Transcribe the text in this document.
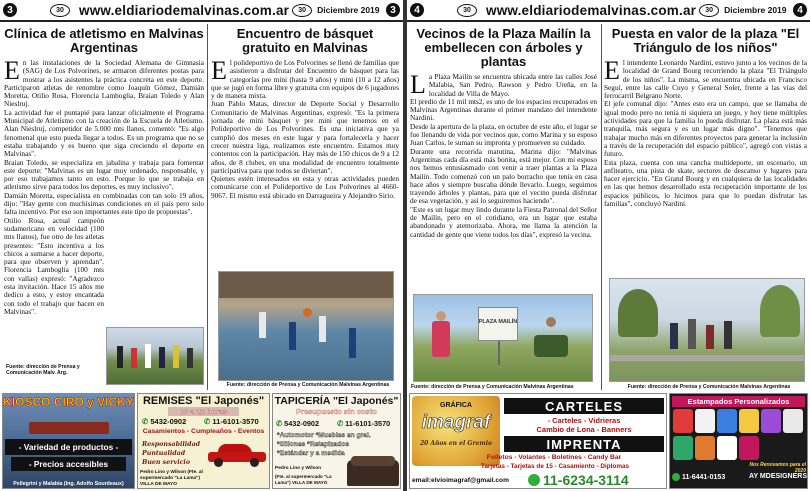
3	30	www.eldiariodemalvinas.com.ar	30	Diciembre 2019	3
Clínica de atletismo en Malvinas Argentinas

En las instalaciones de la Sociedad Alemana de Gimnasia (SAG) de Los Polvorines, se armaron diferentes postas para mostrar a los asistentes la práctica concreta en este deporte. Participaron atletas de renombre como Joaquín Gómez, Damián Moretta, Otilio Rosa, Florencia Lamboglia, Braian Toledo y Alan Nieslruj.

La actividad fue el puntapié para lanzar oficialmente el Programa Municipal de Atletismo con la creación de la Escuela de Atletismo. Alan Nieslruj, competidor de 5.000 mts llanos, comentó: "Es algo fenomenal que esto pueda llegar a todos. Es un programa que no se estaba trabajando y es bueno que siga creciendo el deporte en Malvinas".

Braian Toledo, se especializa en jabalina y trabaja para fomentar este deporte: "Malvinas es un lugar muy ordenado, responsable, y por eso trabajamos tanto en esto. Porque lo que se trabaja en atletismo sirve para todos los deportes, es muy inclusivo".

Damián Moretta, especialista en combinadas con tan solo 19 años, dijo: "Hay gente con muchísimas condiciones en el país pero solo falta incentivo. Por eso son importantes este tipo de propuestas".

Otilio Rosa, actual campeón sudamericano en velocidad (100 mts llanos), fue otro de los atletas presentes: "Esto incentiva a los chicos a sumarse a hacer deporte, para que observen y aprendan". Florencia Lamboglia (100 mts con vallas) expresó: "Agradezco esta invitación. Hace 15 años me dedico a esto, y estoy encantada con todo el trabajo que hacen en Malvinas".

Fuente: dirección de Prensa y Comunicación Malv. Arg.
Encuentro de básquet gratuito en Malvinas

El polideportivo de Los Polvorines se llenó de familias que asistieron a disfrutar del Encuentro de básquet para las categorías pre mini (hasta 9 años) y mini (10 a 12 años) que se jugó en forma libre y gratuita con equipos de 6 jugadores y de manera mixta.

Juan Pablo Matas, director de Deporte Social y Desarrollo Comunitario de Malvinas Argentinas, expresó: "Es la primera jornada de mini básquet y pre mini que tenemos en el Polideportivo de Los Polvorines. Es una iniciativa que ya cumplió dos meses en este lugar y para fortalecerla y hacer crecer nuestra liga, realizamos este encuentro. Estamos muy contentos con la participación. Hay más de 150 chicos de 9 a 12 años, de 8 clubes, en una modalidad de encuentro totalmente participativa para que todos se diviertan".

Quienes estén interesados en esta y otras actividades pueden comunicarse con el Polideportivo de Los Polvorines al 4660-9067. El mismo está ubicado en Darragueira y Alejandro Sirio.

Fuente: dirección de Prensa y Comunicación Malvinas Argentinas
KIOSCO CIRO y VICKY
- Variedad de productos -
- Precios accesibles
Pellegrini y Malabia (Ing. Adolfo Sourdeaux)
REMISES "El Japonés"
08 a 22 horas
✆ 5432-0902 ✆ 11-6101-3570
Casamientos - Cumpleaños - Eventos
Responsabilidad
Puntualidad
Buen servicio
Pedro Lino y Wilson (Fte. al supermercado "La Lama")
VILLA DE MAYO
TAPICERÍA "El Japonés"
Presupuesto sin costo
✆ 5432-0902 ✆ 11-6101-3570
*Automotor *Muebles en gral.
*Sillones *Retapizados
*Estándar y a medida
Pedro Lino y Wilson
(Fte. al supermercado "La Lama") VILLA DE MAYO
4	30	www.eldiariodemalvinas.com.ar	30	Diciembre 2019	4
Vecinos de la Plaza Mailín la embellecen con árboles y plantas

La Plaza Mailín se encuentra ubicada entre las calles José Malabia, San Pedro, Rawson y Pedro Ureña, en la localidad de Villa de Mayo.

El predio de 11 mil mts2, es uno de los espacios recuperados en Malvinas Argentinas durante el primer mandato del intendente Nardini.

Desde la apertura de la plaza, en octubre de este año, el lugar se fue llenando de vida por vecinos que, como Marina y su esposo Juan Carlos, le suman su impronta y promueven su cuidado.

Durante una recorrida matutina, Marina dijo: "Malvinas Argentinas cada día está más bonita, está mejor. Con mi esposo nos hemos entusiasmado con venir a traer plantas a la Plaza Mailín. Todo comenzó con un palo borracho que tenía en casa hace años y siempre buscaba dónde llevarlo. Luego, seguimos trayendo árboles y plantas, para que el vecino pueda disfrutar de esa vegetación, y así lo seguiremos haciendo".

"Este es un lugar muy lindo durante la Fiesta Patronal del Señor de Mailín, pero en el cotidiano, era un lugar que estaba abandonado y atemorizaba. Ahora, me llama la atención la cantidad de gente que viene todos los días", expresó la vecina.

PLAZA MAILÍN
Fuente: dirección de Prensa y Comunicación Malvinas Argentinas
Puesta en valor de la plaza "El Triángulo de los niños"

El intendente Leonardo Nardini, estuvo junto a los vecinos de la localidad de Grand Bourg recorriendo la plaza "El Triángulo de los niños". La misma, se encuentra ubicada en Francisco Seguí, entre las calle Cuyo y General Soler, frente a las vías del ferrocarril Belgrano Norte.

El jefe comunal dijo: "Antes esto era un campo, que se llamaba de igual modo pero no tenía ni siquiera un juego, y hoy tiene múltiples actividades para que la familia lo pueda disfrutar. La plaza está más tranquila, más segura y es un lugar más digno". "Tenemos que trabajar mucho más en diferentes proyectos para generar la inclusión a través de la recuperación del espacio público", agregó con vistas a futuro.

Esta plaza, cuenta con una cancha multideporte, un escenario, un anfiteatro, una pista de skate, sectores de descanso y lugares para hacer ejercicio. "En Grand Bourg y en cualquiera de las localidades en las que hemos desarrollado esta recuperación importante de los espacios públicos, lo hicimos para que lo puedan disfrutar las familias", concluyó Nardini.

Fuente: dirección de Prensa y Comunicación Malvinas Argentinas
GRÁFICA
imagraf
20 Años en el Gremio
CARTELES
- Carteles - Vidrieras
Cambio de Lona - Banners
IMPRENTA
Folletos - Volantes - Boletines - Candy Bar
Tarjetas - Tarjetas de 15 - Casamiento - Diplomas
email:elvioimagraf@gmail.com 11-6234-3114
Estampados Personalizados
Nos Renovamos para el 2020
11-6441-0153	AY MDESIGNERS
